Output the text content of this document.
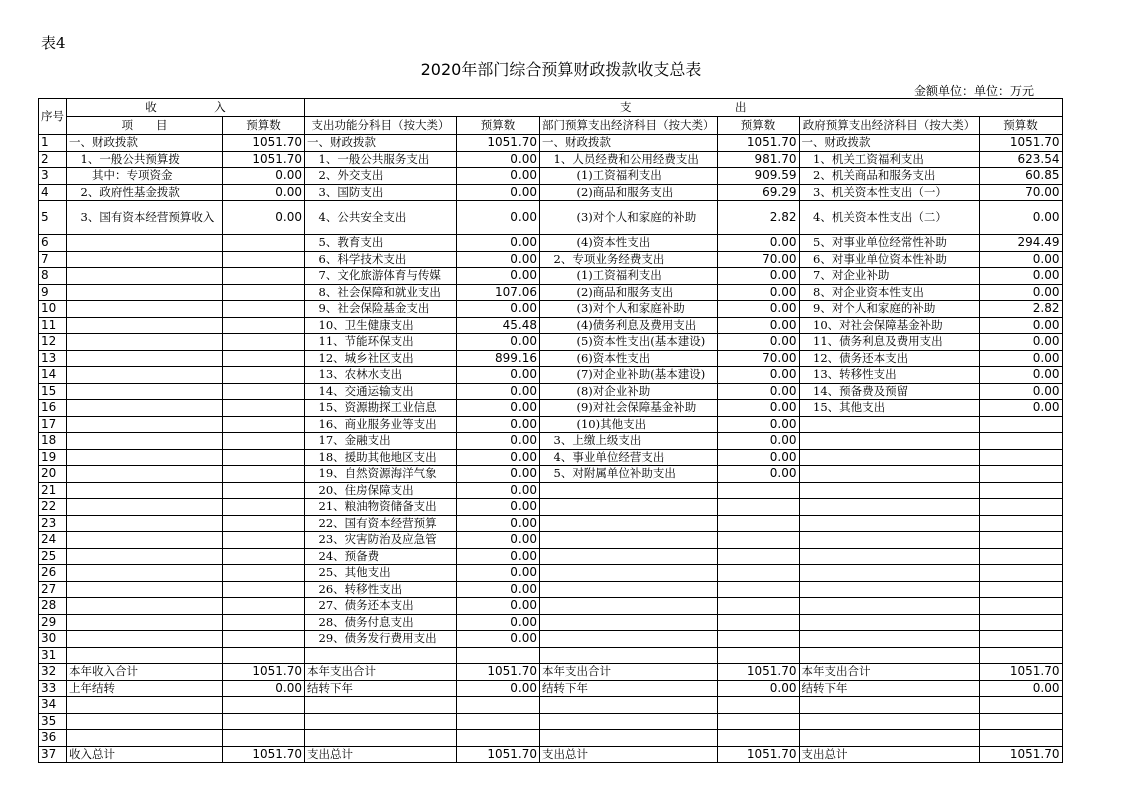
表4
2020年部门综合预算财政拨款收支总表
金额单位：单位：万元
序号	收　　　　　入		支　　　　　　　　　出					
	项　　目	预算数	支出功能分科目（按大类）	预算数	部门预算支出经济科目（按大类）	预算数	政府预算支出经济科目（按大类）	预算数
1	一、财政拨款	1051.70	一、财政拨款	1051.70	一、财政拨款	1051.70	一、财政拨款	1051.70
2	　1、一般公共预算拨	1051.70	　1、一般公共服务支出	0.00	　1、人员经费和公用经费支出	981.70	　1、机关工资福利支出	623.54
3	　　其中：专项资金	0.00	　2、外交支出	0.00	　　　(1)工资福利支出	909.59	　2、机关商品和服务支出	60.85
4	　2、政府性基金拨款	0.00	　3、国防支出	0.00	　　　(2)商品和服务支出	69.29	　3、机关资本性支出（一）	70.00
5	　3、国有资本经营预算收入	0.00	　4、公共安全支出	0.00	　　　(3)对个人和家庭的补助	2.82	　4、机关资本性支出（二）	0.00
6			　5、教育支出	0.00	　　　(4)资本性支出	0.00	　5、对事业单位经常性补助	294.49
7			　6、科学技术支出	0.00	　2、专项业务经费支出	70.00	　6、对事业单位资本性补助	0.00
8			　7、文化旅游体育与传媒	0.00	　　　(1)工资福利支出	0.00	　7、对企业补助	0.00
9			　8、社会保障和就业支出	107.06	　　　(2)商品和服务支出	0.00	　8、对企业资本性支出	0.00
10			　9、社会保险基金支出	0.00	　　　(3)对个人和家庭补助	0.00	　9、对个人和家庭的补助	2.82
11			　10、卫生健康支出	45.48	　　　(4)债务利息及费用支出	0.00	　10、对社会保障基金补助	0.00
12			　11、节能环保支出	0.00	　　　(5)资本性支出(基本建设)	0.00	　11、债务利息及费用支出	0.00
13			　12、城乡社区支出	899.16	　　　(6)资本性支出	70.00	　12、债务还本支出	0.00
14			　13、农林水支出	0.00	　　　(7)对企业补助(基本建设)	0.00	　13、转移性支出	0.00
15			　14、交通运输支出	0.00	　　　(8)对企业补助	0.00	　14、预备费及预留	0.00
16			　15、资源勘探工业信息	0.00	　　　(9)对社会保障基金补助	0.00	　15、其他支出	0.00
17			　16、商业服务业等支出	0.00	　　　(10)其他支出	0.00		
18			　17、金融支出	0.00	　3、上缴上级支出	0.00		
19			　18、援助其他地区支出	0.00	　4、事业单位经营支出	0.00		
20			　19、自然资源海洋气象	0.00	　5、对附属单位补助支出	0.00		
21			　20、住房保障支出	0.00				
22			　21、粮油物资储备支出	0.00				
23			　22、国有资本经营预算	0.00				
24			　23、灾害防治及应急管	0.00				
25			　24、预备费	0.00				
26			　25、其他支出	0.00				
27			　26、转移性支出	0.00				
28			　27、债务还本支出	0.00				
29			　28、债务付息支出	0.00				
30			　29、债务发行费用支出	0.00				
31								
32	本年收入合计	1051.70	本年支出合计	1051.70	本年支出合计	1051.70	本年支出合计	1051.70
33	上年结转	0.00	结转下年	0.00	结转下年	0.00	结转下年	0.00
34								
35								
36								
37	收入总计	1051.70	支出总计	1051.70	支出总计	1051.70	支出总计	1051.70
